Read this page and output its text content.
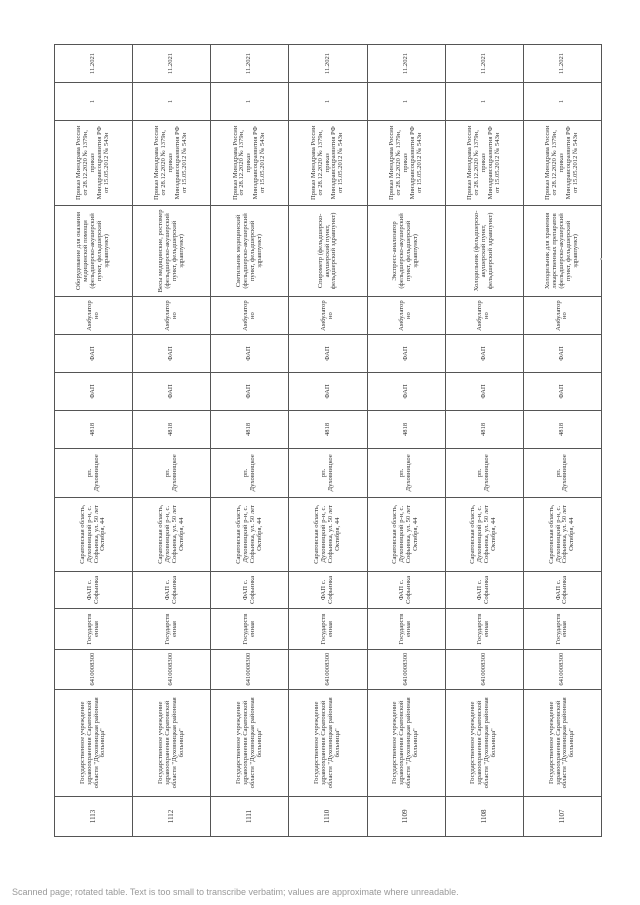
1113	Государственное учреждение здравоохранения Саратовской области "Духовницкая районная больница"	6410008300	Государственная	ФАП с. Софьинка	Саратовская область, Духовницкий р-н, с. Софьинка, ул. 50 лет Октября, 44	рп. Духовницкое	4818	ФАП	ФАП	Амбулаторно	Оборудование для оказания медицинской помощи (фельдшерско-акушерский пункт, фельдшерский здравпункт)	Приказ Минздрава России от 28.12.2020 № 1379н, приказ Минздравсоцразвития РФ от 15.05.2012 № 543н	1	11.2021
1112	Государственное учреждение здравоохранения Саратовской области "Духовницкая районная больница"	6410008300	Государственная	ФАП с. Софьинка	Саратовская область, Духовницкий р-н, с. Софьинка, ул. 50 лет Октября, 44	рп. Духовницкое	4818	ФАП	ФАП	Амбулаторно	Весы медицинские, ростомер (фельдшерско-акушерский пункт, фельдшерский здравпункт)	Приказ Минздрава России от 28.12.2020 № 1379н, приказ Минздравсоцразвития РФ от 15.05.2012 № 543н	1	11.2021
1111	Государственное учреждение здравоохранения Саратовской области "Духовницкая районная больница"	6410008300	Государственная	ФАП с. Софьинка	Саратовская область, Духовницкий р-н, с. Софьинка, ул. 50 лет Октября, 44	рп. Духовницкое	4818	ФАП	ФАП	Амбулаторно	Светильник медицинский (фельдшерско-акушерский пункт, фельдшерский здравпункт)	Приказ Минздрава России от 28.12.2020 № 1379н, приказ Минздравсоцразвития РФ от 15.05.2012 № 543н	1	11.2021
1110	Государственное учреждение здравоохранения Саратовской области "Духовницкая районная больница"	6410008300	Государственная	ФАП с. Софьинка	Саратовская область, Духовницкий р-н, с. Софьинка, ул. 50 лет Октября, 44	рп. Духовницкое	4818	ФАП	ФАП	Амбулаторно	Спирометр (фельдшерско-акушерский пункт, фельдшерский здравпункт)	Приказ Минздрава России от 28.12.2020 № 1379н, приказ Минздравсоцразвития РФ от 15.05.2012 № 543н	1	11.2021
1109	Государственное учреждение здравоохранения Саратовской области "Духовницкая районная больница"	6410008300	Государственная	ФАП с. Софьинка	Саратовская область, Духовницкий р-н, с. Софьинка, ул. 50 лет Октября, 44	рп. Духовницкое	4818	ФАП	ФАП	Амбулаторно	Экспресс-анализатор (фельдшерско-акушерский пункт, фельдшерский здравпункт)	Приказ Минздрава России от 28.12.2020 № 1379н, приказ Минздравсоцразвития РФ от 15.05.2012 № 543н	1	11.2021
1108	Государственное учреждение здравоохранения Саратовской области "Духовницкая районная больница"	6410008300	Государственная	ФАП с. Софьинка	Саратовская область, Духовницкий р-н, с. Софьинка, ул. 50 лет Октября, 44	рп. Духовницкое	4818	ФАП	ФАП	Амбулаторно	Холодильник (фельдшерско-акушерский пункт, фельдшерский здравпункт)	Приказ Минздрава России от 28.12.2020 № 1379н, приказ Минздравсоцразвития РФ от 15.05.2012 № 543н	1	11.2021
1107	Государственное учреждение здравоохранения Саратовской области "Духовницкая районная больница"	6410008300	Государственная	ФАП с. Софьинка	Саратовская область, Духовницкий р-н, с. Софьинка, ул. 50 лет Октября, 44	рп. Духовницкое	4818	ФАП	ФАП	Амбулаторно	Холодильник для хранения лекарственных препаратов (фельдшерско-акушерский пункт, фельдшерский здравпункт)	Приказ Минздрава России от 28.12.2020 № 1379н, приказ Минздравсоцразвития РФ от 15.05.2012 № 543н	1	11.2021
Scanned page; rotated table. Text is too small to transcribe verbatim; values are approximate where unreadable.
